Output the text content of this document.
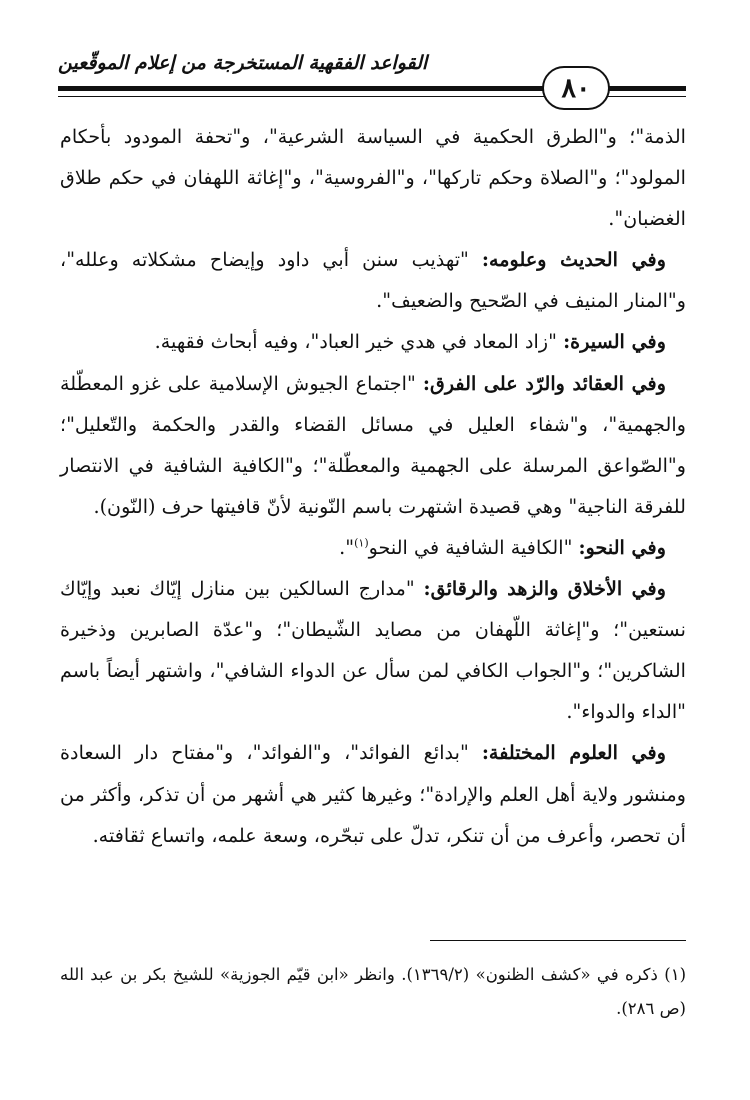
القواعد الفقهية المستخرجة من إعلام الموقّعين
٨٠

الذمة"؛ و"الطرق الحكمية في السياسة الشرعية"، و"تحفة المودود بأحكام المولود"؛ و"الصلاة وحكم تاركها"، و"الفروسية"، و"إغاثة اللهفان في حكم طلاق الغضبان".

وفي الحديث وعلومه: "تهذيب سنن أبي داود وإيضاح مشكلاته وعلله"، و"المنار المنيف في الصّحيح والضعيف".

وفي السيرة: "زاد المعاد في هدي خير العباد"، وفيه أبحاث فقهية.

وفي العقائد والرّد على الفرق: "اجتماع الجيوش الإسلامية على غزو المعطّلة والجهمية"، و"شفاء العليل في مسائل القضاء والقدر والحكمة والتّعليل"؛ و"الصّواعق المرسلة على الجهمية والمعطّلة"؛ و"الكافية الشافية في الانتصار للفرقة الناجية" وهي قصيدة اشتهرت باسم النّونية لأنّ قافيتها حرف (النّون).

وفي النحو: "الكافية الشافية في النحو$^{(١)}$".

وفي الأخلاق والزهد والرقائق: "مدارج السالكين بين منازل إيّاك نعبد وإيّاك نستعين"؛ و"إغاثة اللّهفان من مصايد الشّيطان"؛ و"عدّة الصابرين وذخيرة الشاكرين"؛ و"الجواب الكافي لمن سأل عن الدواء الشافي"، واشتهر أيضاً باسم "الداء والدواء".

وفي العلوم المختلفة: "بدائع الفوائد"، و"الفوائد"، و"مفتاح دار السعادة ومنشور ولاية أهل العلم والإرادة"؛ وغيرها كثير هي أشهر من أن تذكر، وأكثر من أن تحصر، وأعرف من أن تنكر، تدلّ على تبحّره، وسعة علمه، واتساع ثقافته.

(١) ذكره في «كشف الظنون» (١٣٦٩/٢). وانظر «ابن قيّم الجوزية» للشيخ بكر بن عبد الله (ص ٢٨٦).
